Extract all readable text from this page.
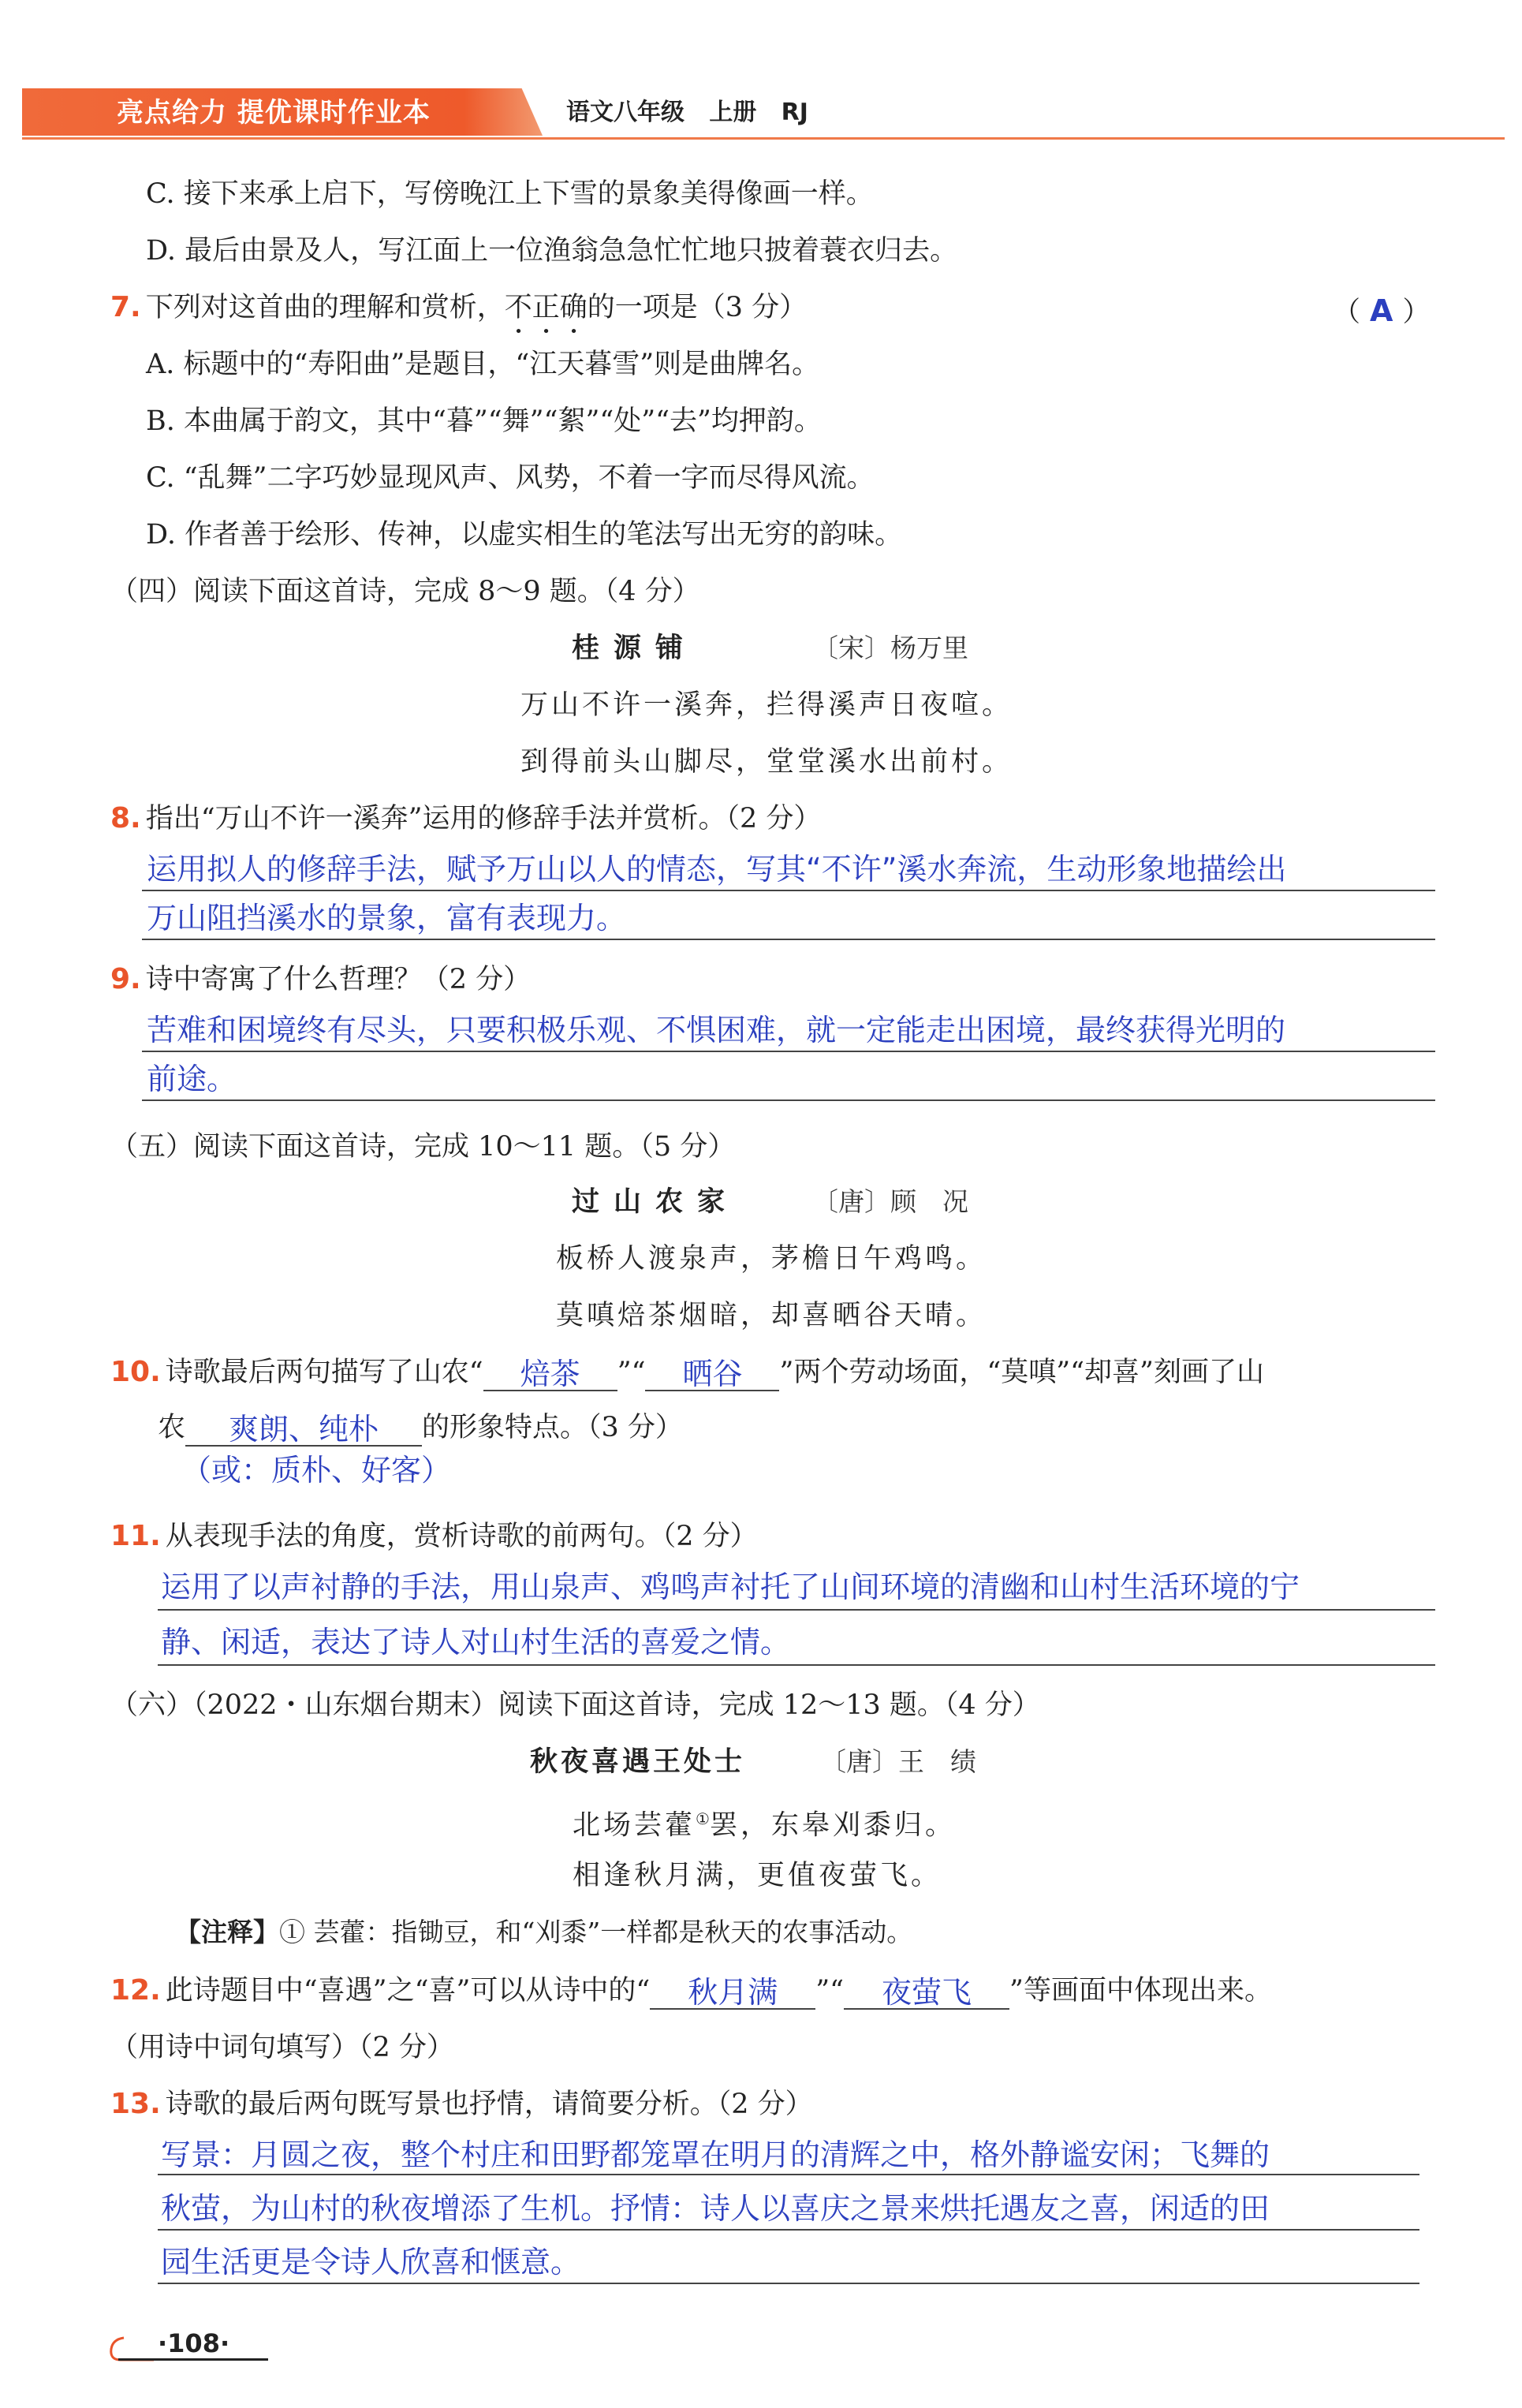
亮点给力 提优课时作业本	语文八年级   上册   RJ
C. 接下来承上启下，写傍晚江上下雪的景象美得像画一样。
D. 最后由景及人，写江面上一位渔翁急急忙忙地只披着蓑衣归去。
7. 下列对这首曲的理解和赏析，不正确的一项是（3 分）	（ A ）
A. 标题中的“寿阳曲”是题目，“江天暮雪”则是曲牌名。
B. 本曲属于韵文，其中“暮”“舞”“絮”“处”“去”均押韵。
C. “乱舞”二字巧妙显现风声、风势，不着一字而尽得风流。
D. 作者善于绘形、传神，以虚实相生的笔法写出无穷的韵味。
（四）阅读下面这首诗，完成 8～9 题。（4 分）
桂源铺	〔宋〕杨万里
万山不许一溪奔，拦得溪声日夜喧。
到得前头山脚尽，堂堂溪水出前村。
8. 指出“万山不许一溪奔”运用的修辞手法并赏析。（2 分）
运用拟人的修辞手法，赋予万山以人的情态，写其“不许”溪水奔流，生动形象地描绘出
万山阻挡溪水的景象，富有表现力。
9. 诗中寄寓了什么哲理？（2 分）
苦难和困境终有尽头，只要积极乐观、不惧困难，就一定能走出困境，最终获得光明的
前途。
（五）阅读下面这首诗，完成 10～11 题。（5 分）
过山农家	〔唐〕顾　况
板桥人渡泉声，茅檐日午鸡鸣。
莫嗔焙茶烟暗，却喜晒谷天晴。
10. 诗歌最后两句描写了山农“ 焙茶 ”“ 晒谷 ”两个劳动场面，“莫嗔”“却喜”刻画了山
农 爽朗、纯朴 的形象特点。（3 分）
（或：质朴、好客）
11. 从表现手法的角度，赏析诗歌的前两句。（2 分）
运用了以声衬静的手法，用山泉声、鸡鸣声衬托了山间环境的清幽和山村生活环境的宁
静、闲适，表达了诗人对山村生活的喜爱之情。
（六）（2022・山东烟台期末）阅读下面这首诗，完成 12～13 题。（4 分）
秋夜喜遇王处士	〔唐〕王　绩
北场芸藿①罢，东皋刈黍归。
相逢秋月满，更值夜萤飞。
【注释】① 芸藿：指锄豆，和“刈黍”一样都是秋天的农事活动。
12. 此诗题目中“喜遇”之“喜”可以从诗中的“ 秋月满 ”“ 夜萤飞 ”等画面中体现出来。
（用诗中词句填写）（2 分）
13. 诗歌的最后两句既写景也抒情，请简要分析。（2 分）
写景：月圆之夜，整个村庄和田野都笼罩在明月的清辉之中，格外静谧安闲；飞舞的
秋萤，为山村的秋夜增添了生机。抒情：诗人以喜庆之景来烘托遇友之喜，闲适的田
园生活更是令诗人欣喜和惬意。
·108·
